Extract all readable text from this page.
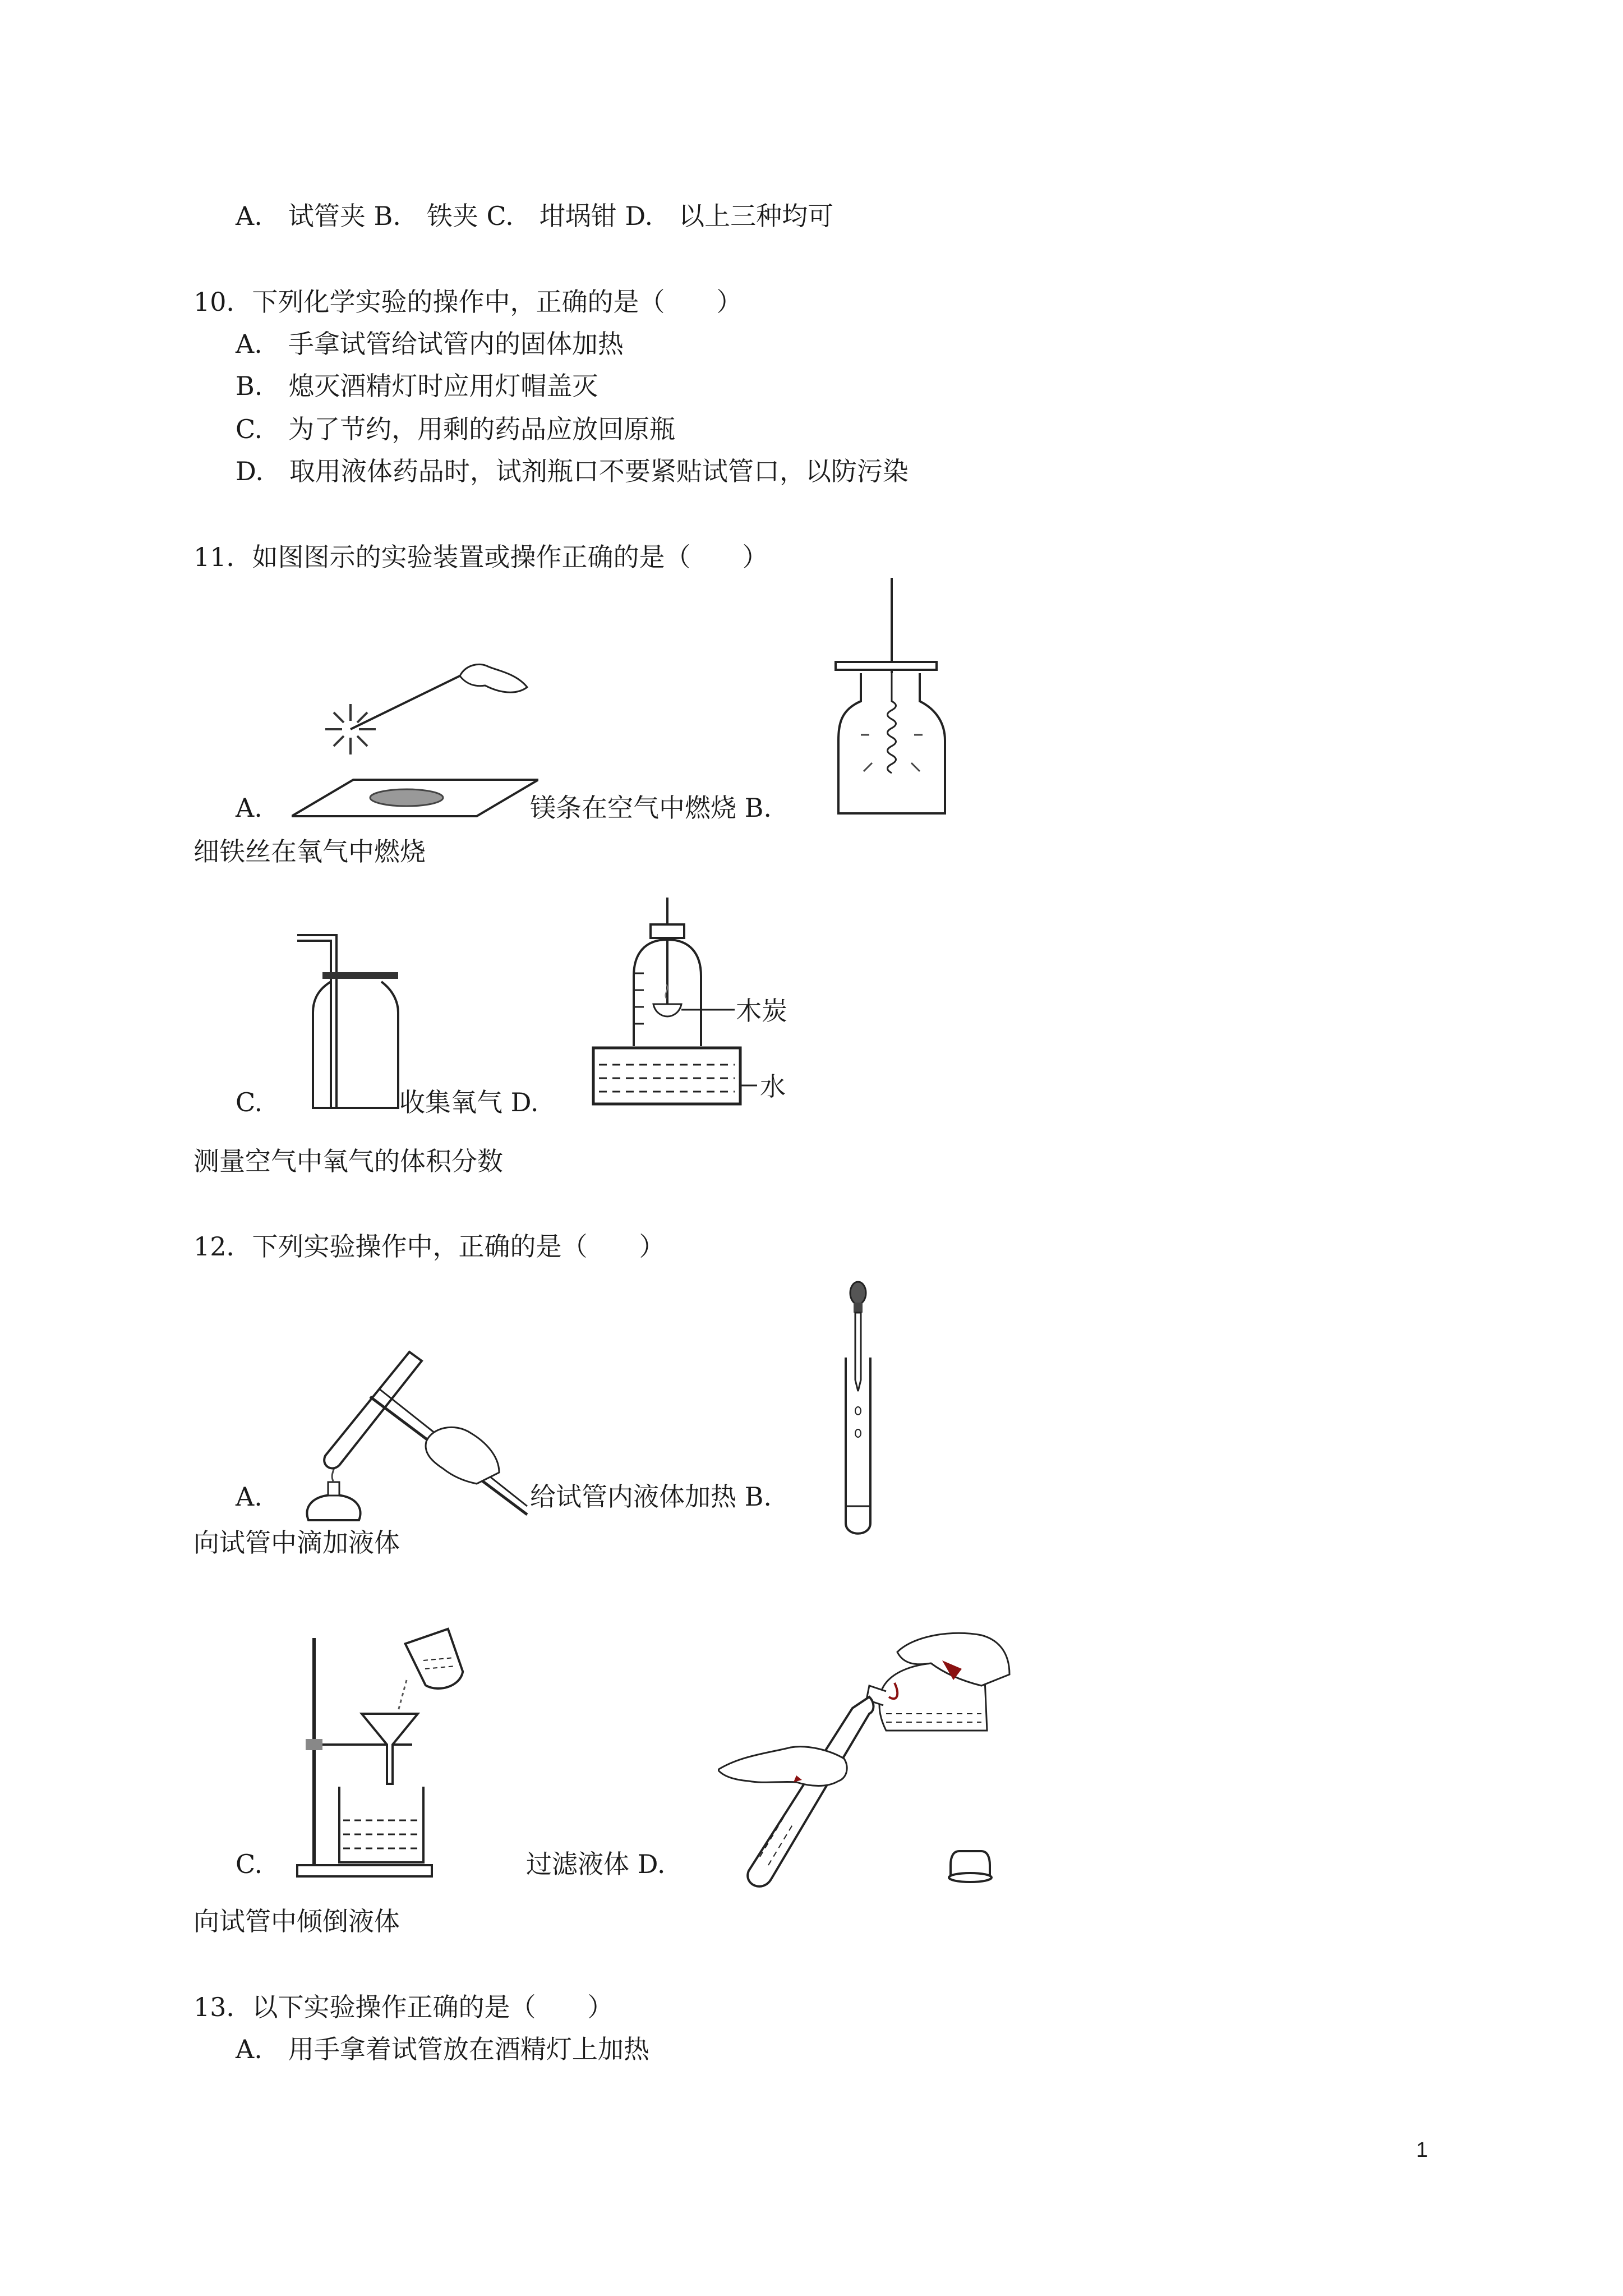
A.　试管夹 B.　铁夹 C.　坩埚钳 D.　以上三种均可
10．下列化学实验的操作中，正确的是（　　）
A.　手拿试管给试管内的固体加热
B.　熄灭酒精灯时应用灯帽盖灭
C.　为了节约，用剩的药品应放回原瓶
D.　取用液体药品时，试剂瓶口不要紧贴试管口，以防污染
11．如图图示的实验装置或操作正确的是（　　）
A.	镁条在空气中燃烧 B.
细铁丝在氧气中燃烧
C.	收集氧气 D.
木炭
水
测量空气中氧气的体积分数
12．下列实验操作中，正确的是（　　）
A.	给试管内液体加热 B.
向试管中滴加液体
C.	过滤液体 D.
向试管中倾倒液体
13．以下实验操作正确的是（　　）
A.　用手拿着试管放在酒精灯上加热
1
